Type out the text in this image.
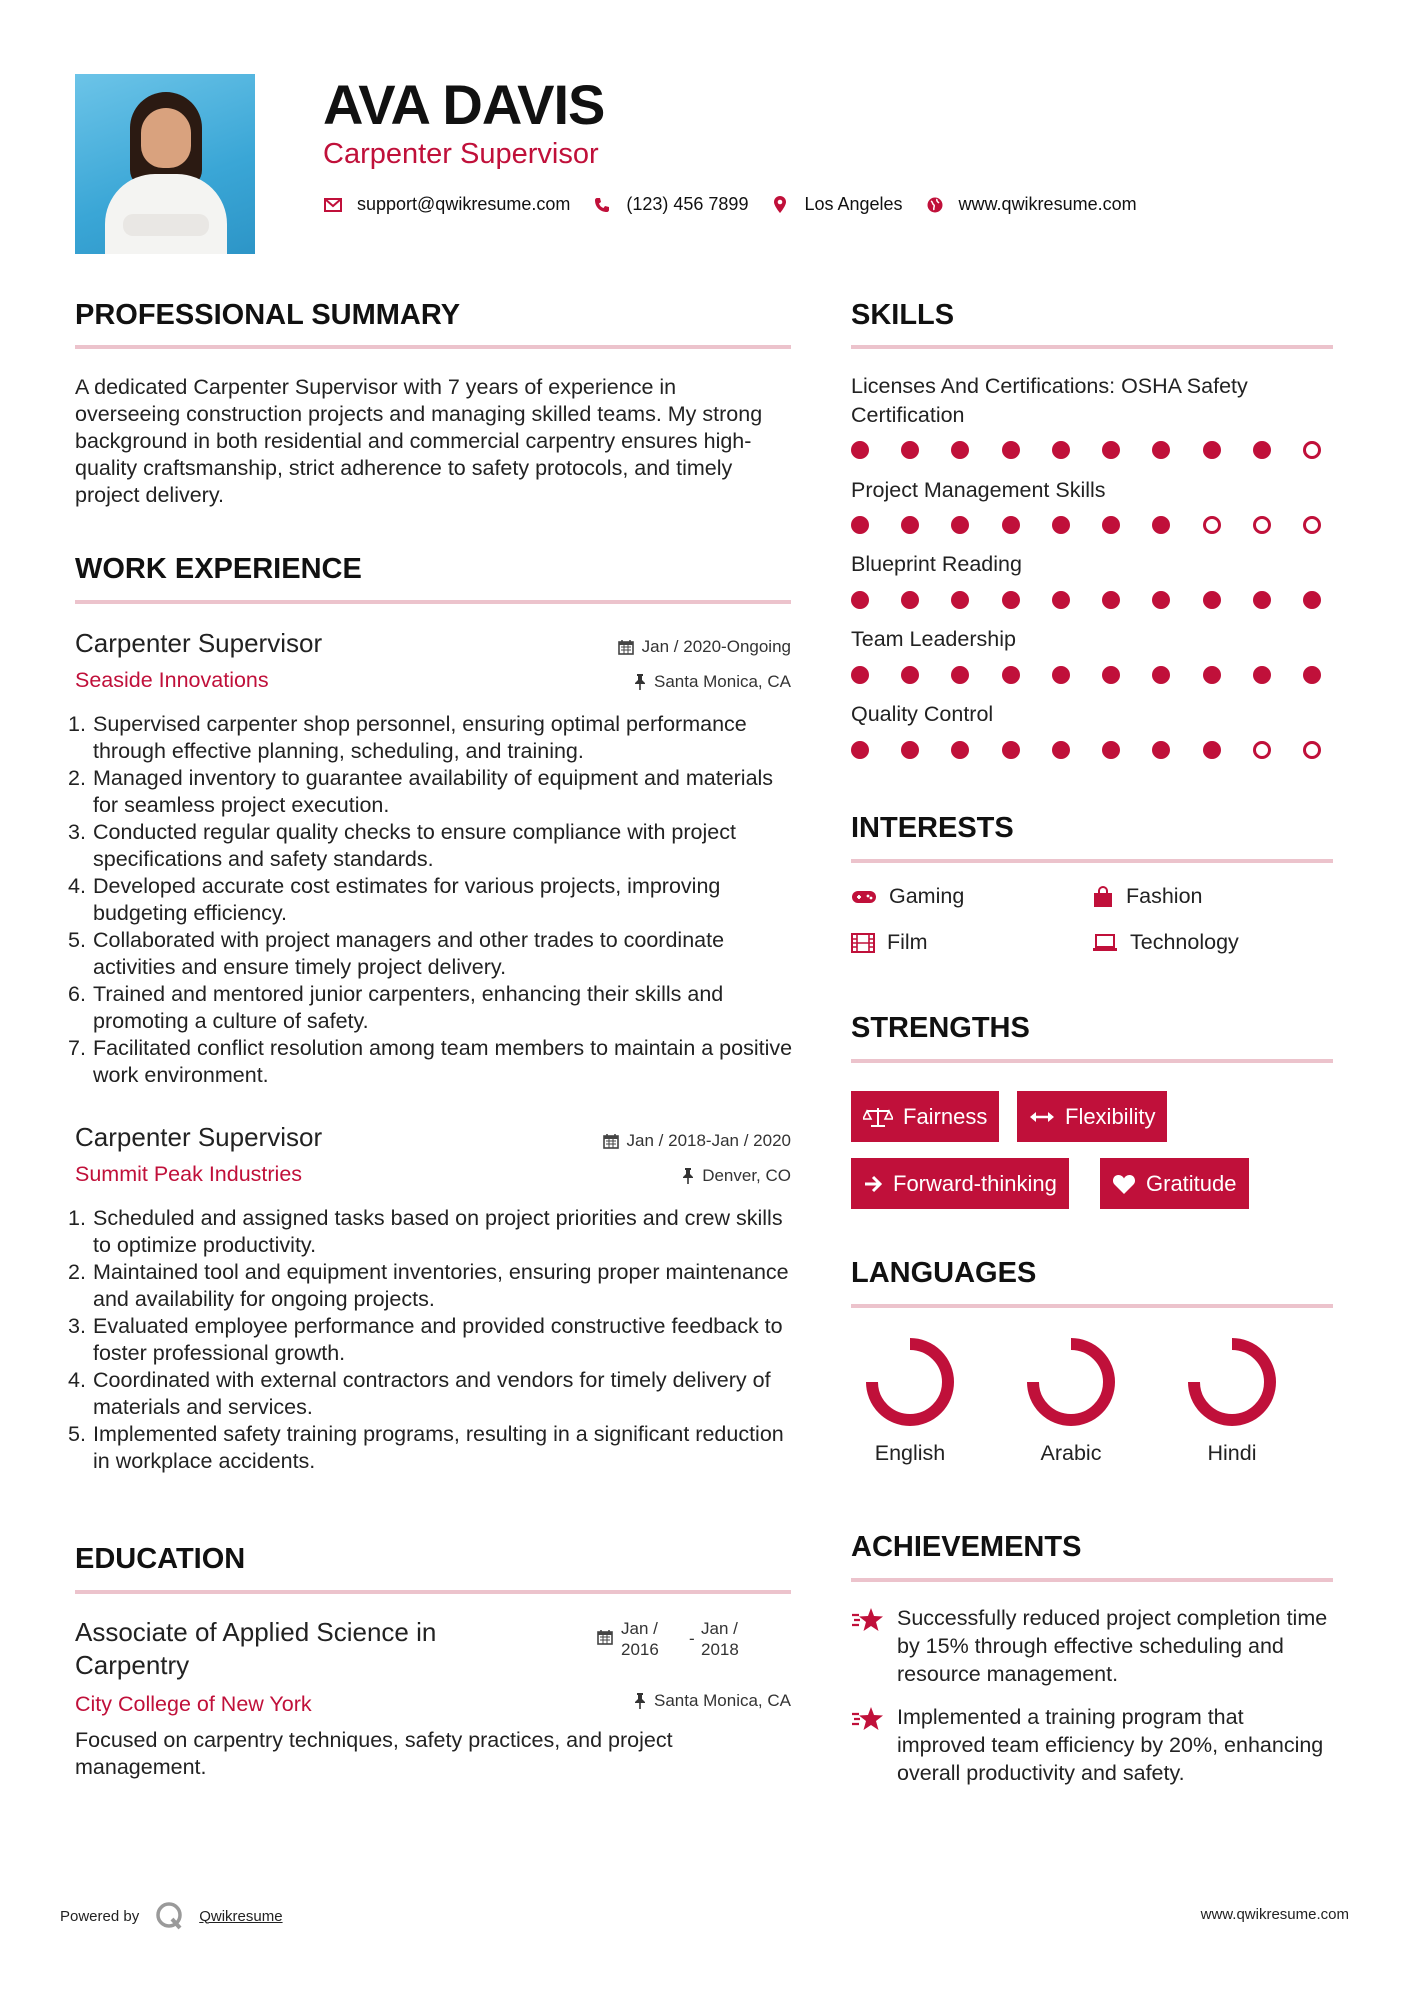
AVA DAVIS
Carpenter Supervisor
support@qwikresume.com	(123) 456 7899	Los Angeles	www.qwikresume.com
PROFESSIONAL SUMMARY
A dedicated Carpenter Supervisor with 7 years of experience in overseeing construction projects and managing skilled teams. My strong background in both residential and commercial carpentry ensures high-quality craftsmanship, strict adherence to safety protocols, and timely project delivery.
WORK EXPERIENCE
Carpenter Supervisor
Seaside Innovations
Jan / 2020-Ongoing
Santa Monica, CA
1. Supervised carpenter shop personnel, ensuring optimal performance through effective planning, scheduling, and training.
2. Managed inventory to guarantee availability of equipment and materials for seamless project execution.
3. Conducted regular quality checks to ensure compliance with project specifications and safety standards.
4. Developed accurate cost estimates for various projects, improving budgeting efficiency.
5. Collaborated with project managers and other trades to coordinate activities and ensure timely project delivery.
6. Trained and mentored junior carpenters, enhancing their skills and promoting a culture of safety.
7. Facilitated conflict resolution among team members to maintain a positive work environment.
Carpenter Supervisor
Summit Peak Industries
Jan / 2018-Jan / 2020
Denver, CO
1. Scheduled and assigned tasks based on project priorities and crew skills to optimize productivity.
2. Maintained tool and equipment inventories, ensuring proper maintenance and availability for ongoing projects.
3. Evaluated employee performance and provided constructive feedback to foster professional growth.
4. Coordinated with external contractors and vendors for timely delivery of materials and services.
5. Implemented safety training programs, resulting in a significant reduction in workplace accidents.
EDUCATION
Associate of Applied Science in
Carpentry
City College of New York
Jan /
2016
-
Jan /
2018
Santa Monica, CA
Focused on carpentry techniques, safety practices, and project management.
SKILLS
Licenses And Certifications: OSHA Safety Certification
Project Management Skills
Blueprint Reading
Team Leadership
Quality Control
INTERESTS
Gaming	Fashion
Film	Technology
STRENGTHS
Fairness	Flexibility
Forward-thinking	Gratitude
LANGUAGES
English	Arabic	Hindi
ACHIEVEMENTS
Successfully reduced project completion time by 15% through effective scheduling and resource management.
Implemented a training program that improved team efficiency by 20%, enhancing overall productivity and safety.
Powered by	Qwikresume	www.qwikresume.com
